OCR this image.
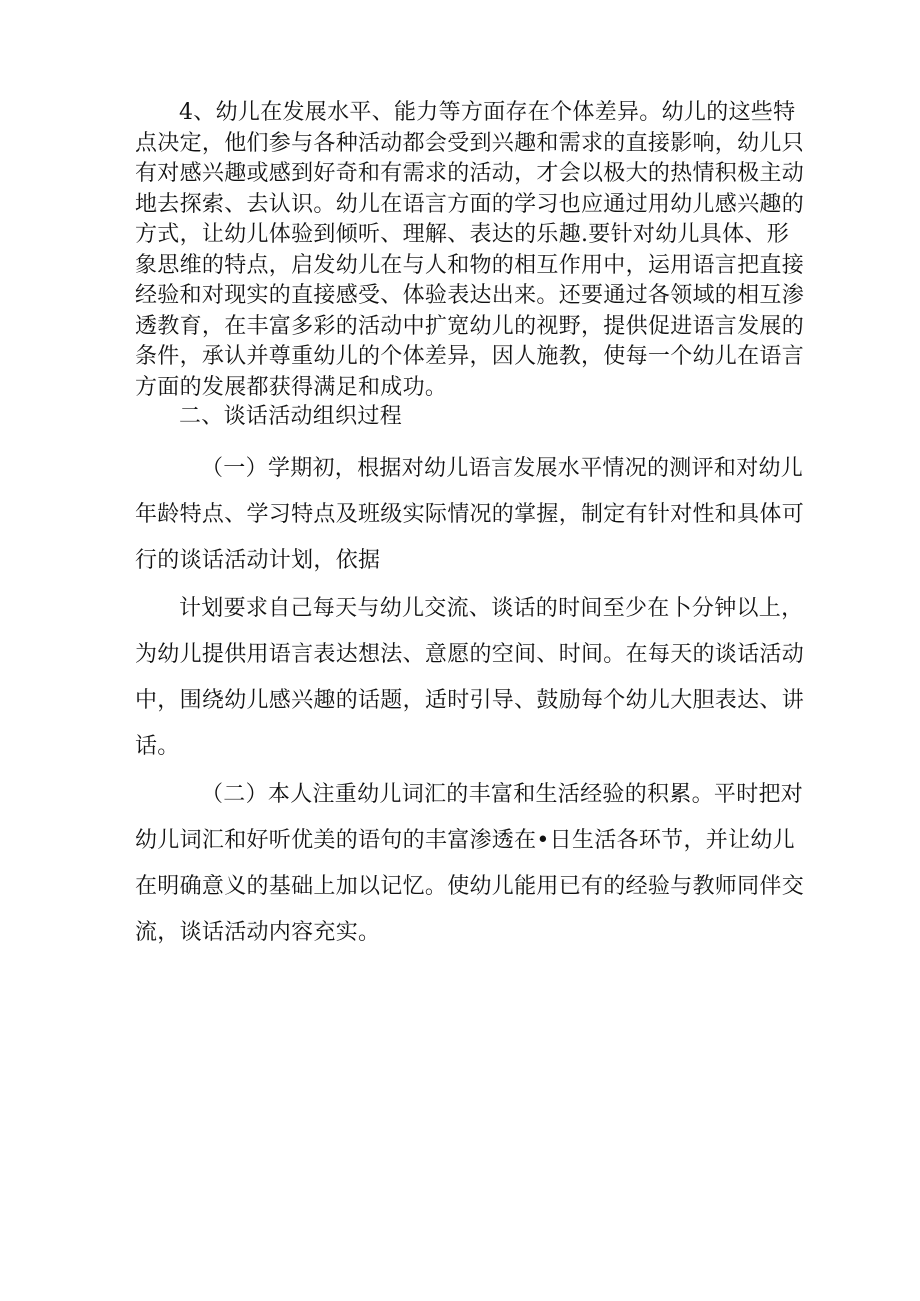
4、幼儿在发展水平、能力等方面存在个体差异。幼儿的这些特
点决定，他们参与各种活动都会受到兴趣和需求的直接影响，幼儿只
有对感兴趣或感到好奇和有需求的活动，才会以极大的热情积极主动
地去探索、去认识。幼儿在语言方面的学习也应通过用幼儿感兴趣的
方式，让幼儿体验到倾听、理解、表达的乐趣.要针对幼儿具体、形
象思维的特点，启发幼儿在与人和物的相互作用中，运用语言把直接
经验和对现实的直接感受、体验表达出来。还要通过各领域的相互渗
透教育，在丰富多彩的活动中扩宽幼儿的视野，提供促进语言发展的
条件，承认并尊重幼儿的个体差异，因人施教，使每一个幼儿在语言
方面的发展都获得满足和成功。

二、谈话活动组织过程

（一）学期初，根据对幼儿语言发展水平情况的测评和对幼儿
年龄特点、学习特点及班级实际情况的掌握，制定有针对性和具体可
行的谈话活动计划，依据

计划要求自己每天与幼儿交流、谈话的时间至少在卜分钟以上，
为幼儿提供用语言表达想法、意愿的空间、时间。在每天的谈话活动
中，围绕幼儿感兴趣的话题，适时引导、鼓励每个幼儿大胆表达、讲
话。

（二）本人注重幼儿词汇的丰富和生活经验的积累。平时把对
幼儿词汇和好听优美的语句的丰富渗透在•日生活各环节，并让幼儿
在明确意义的基础上加以记忆。使幼儿能用已有的经验与教师同伴交
流，谈话活动内容充实。
